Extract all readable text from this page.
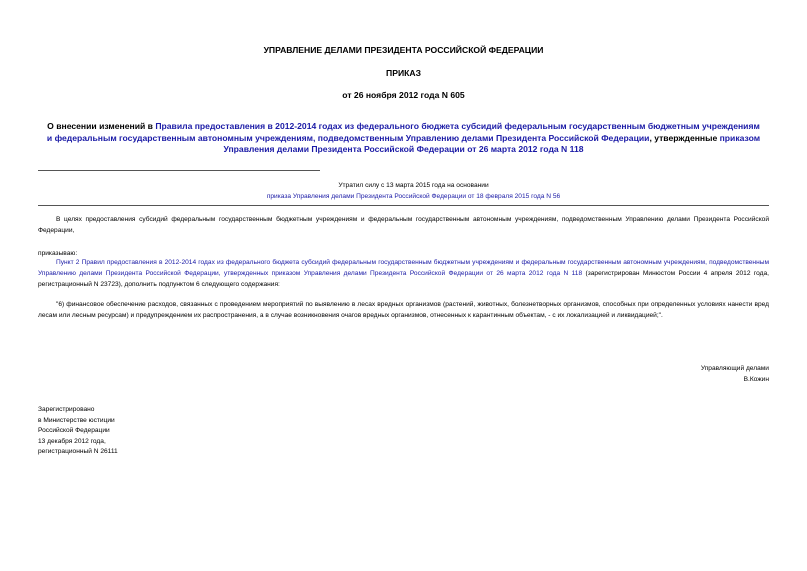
УПРАВЛЕНИЕ ДЕЛАМИ ПРЕЗИДЕНТА РОССИЙСКОЙ ФЕДЕРАЦИИ
ПРИКАЗ
от 26 ноября 2012 года N 605
О внесении изменений в Правила предоставления в 2012-2014 годах из федерального бюджета субсидий федеральным государственным бюджетным учреждениям и федеральным государственным автономным учреждениям, подведомственным Управлению делами Президента Российской Федерации, утвержденные приказом Управления делами Президента Российской Федерации от 26 марта 2012 года N 118
Утратил силу с 13 марта 2015 года на основании
приказа Управления делами Президента Российской Федерации от 18 февраля 2015 года N 56
В целях предоставления субсидий федеральным государственным бюджетным учреждениям и федеральным государственным автономным учреждениям, подведомственным Управлению делами Президента Российской Федерации,
приказываю:
Пункт 2 Правил предоставления в 2012-2014 годах из федерального бюджета субсидий федеральным государственным бюджетным учреждениям и федеральным государственным автономным учреждениям, подведомственным Управлению делами Президента Российской Федерации, утвержденных приказом Управления делами Президента Российской Федерации от 26 марта 2012 года N 118 (зарегистрирован Минюстом России 4 апреля 2012 года, регистрационный N 23723), дополнить подпунктом 6 следующего содержания:
"6) финансовое обеспечение расходов, связанных с проведением мероприятий по выявлению в лесах вредных организмов (растений, животных, болезнетворных организмов, способных при определенных условиях нанести вред лесам или лесным ресурсам) и предупреждением их распространения, а в случае возникновения очагов вредных организмов, отнесенных к карантинным объектам, - с их локализацией и ликвидацией;".
Управляющий делами
В.Кожин
Зарегистрировано
в Министерстве юстиции
Российской Федерации
13 декабря 2012 года,
регистрационный N 26111
